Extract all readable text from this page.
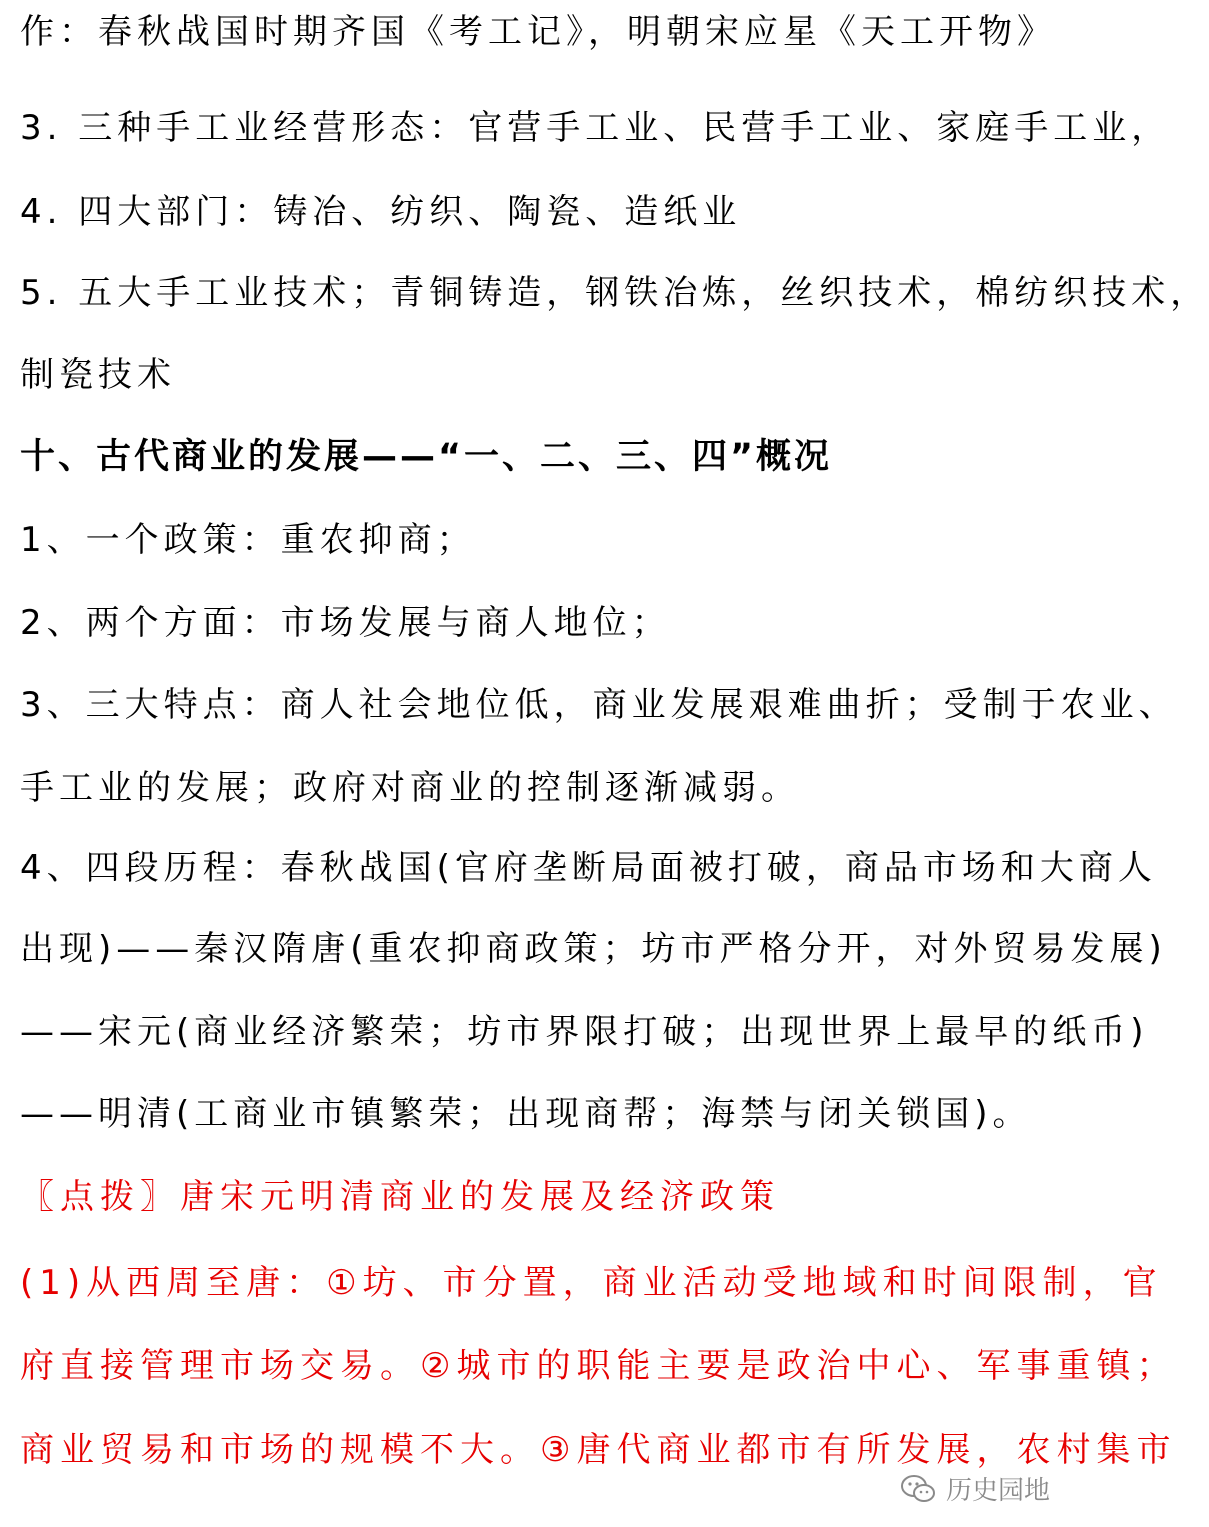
作：春秋战国时期齐国《考工记》，明朝宋应星《天工开物》
3. 三种手工业经营形态：官营手工业、民营手工业、家庭手工业，
4. 四大部门：铸冶、纺织、陶瓷、造纸业
5. 五大手工业技术；青铜铸造，钢铁冶炼，丝织技术，棉纺织技术，
制瓷技术
十、古代商业的发展——“一、二、三、四”概况
1、一个政策：重农抑商；
2、两个方面：市场发展与商人地位；
3、三大特点：商人社会地位低，商业发展艰难曲折；受制于农业、
手工业的发展；政府对商业的控制逐渐减弱。
4、四段历程：春秋战国(官府垄断局面被打破，商品市场和大商人
出现)——秦汉隋唐(重农抑商政策；坊市严格分开，对外贸易发展)
——宋元(商业经济繁荣；坊市界限打破；出现世界上最早的纸币)
——明清(工商业市镇繁荣；出现商帮；海禁与闭关锁国)。
〖点拨〗唐宋元明清商业的发展及经济政策
(1)从西周至唐：①坊、市分置，商业活动受地域和时间限制，官
府直接管理市场交易。②城市的职能主要是政治中心、军事重镇；
商业贸易和市场的规模不大。③唐代商业都市有所发展，农村集市
历史园地
